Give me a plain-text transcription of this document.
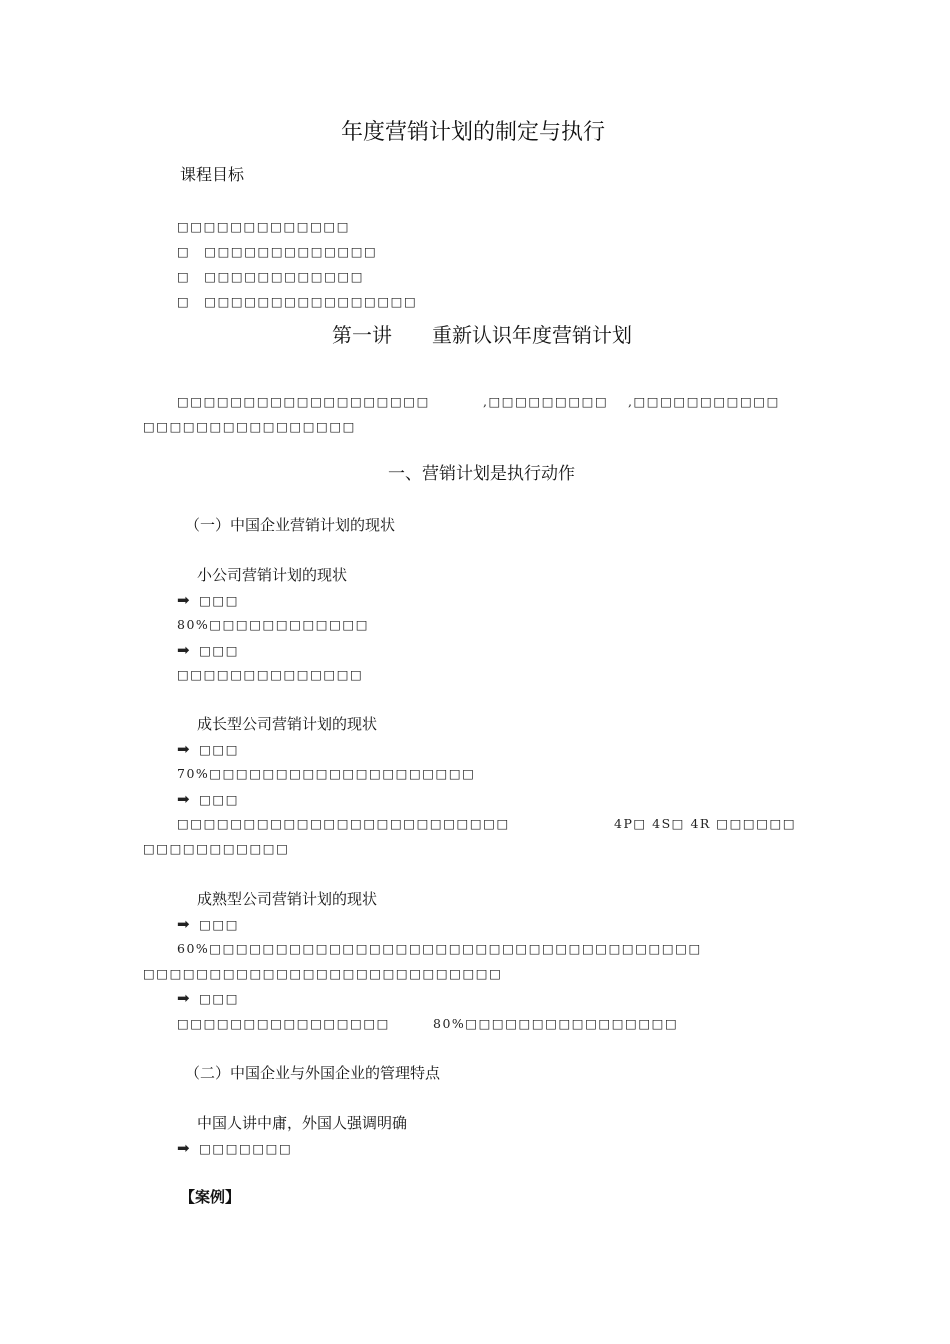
年度营销计划的制定与执行
课程目标
□□□□□□□□□□□□□
□　□□□□□□□□□□□□□
□　□□□□□□□□□□□□
□　□□□□□□□□□□□□□□□□
第一讲 重新认识年度营销计划
□□□□□□□□□□□□□□□□□□□	,□□□□□□□□□ ,□□□□□□□□□□□
□□□□□□□□□□□□□□□□
一、营销计划是执行动作
（一）中国企业营销计划的现状
小公司营销计划的现状
➡ □□□
80%□□□□□□□□□□□□
➡ □□□
□□□□□□□□□□□□□□
成长型公司营销计划的现状
➡ □□□
70%□□□□□□□□□□□□□□□□□□□□
➡ □□□
□□□□□□□□□□□□□□□□□□□□□□□□□	4P□ 4S□ 4R □□□□□□
□□□□□□□□□□□
成熟型公司营销计划的现状
➡ □□□
60%□□□□□□□□□□□□□□□□□□□□□□□□□□□□□□□□□□□□□
□□□□□□□□□□□□□□□□□□□□□□□□□□□
➡ □□□
□□□□□□□□□□□□□□□□	80%□□□□□□□□□□□□□□□□
（二）中国企业与外国企业的管理特点
中国人讲中庸，外国人强调明确
➡ □□□□□□□
【案例】
